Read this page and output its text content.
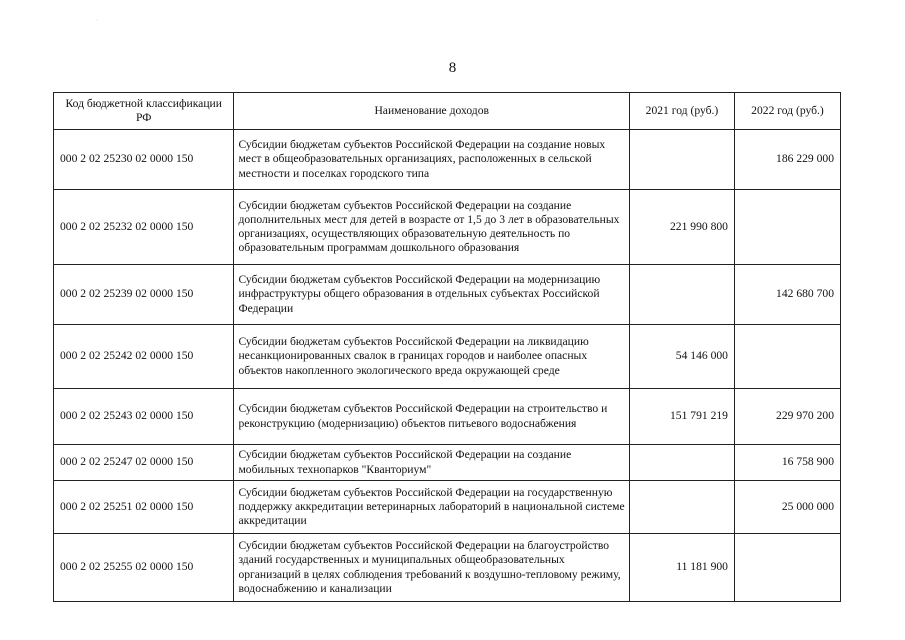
·
8
Код бюджетной классификации РФ	Наименование доходов	2021 год (руб.)	2022 год (руб.)
000 2 02 25230 02 0000 150	Субсидии бюджетам субъектов Российской Федерации на создание новых мест в общеобразовательных организациях, расположенных в сельской местности и поселках городского типа		186 229 000
000 2 02 25232 02 0000 150	Субсидии бюджетам субъектов Российской Федерации на создание дополнительных мест для детей в возрасте от 1,5 до 3 лет в образовательных организациях, осуществляющих образовательную деятельность по образовательным программам дошкольного образования	221 990 800	
000 2 02 25239 02 0000 150	Субсидии бюджетам субъектов Российской Федерации на модернизацию инфраструктуры общего образования в отдельных субъектах Российской Федерации		142 680 700
000 2 02 25242 02 0000 150	Субсидии бюджетам субъектов Российской Федерации на ликвидацию несанкционированных свалок в границах городов и наиболее опасных объектов накопленного экологического вреда окружающей среде	54 146 000	
000 2 02 25243 02 0000 150	Субсидии бюджетам субъектов Российской Федерации на строительство и реконструкцию (модернизацию) объектов питьевого водоснабжения	151 791 219	229 970 200
000 2 02 25247 02 0000 150	Субсидии бюджетам субъектов Российской Федерации на создание мобильных технопарков "Кванториум"		16 758 900
000 2 02 25251 02 0000 150	Субсидии бюджетам субъектов Российской Федерации на государственную поддержку аккредитации ветеринарных лабораторий в национальной системе аккредитации		25 000 000
000 2 02 25255 02 0000 150	Субсидии бюджетам субъектов Российской Федерации на благоустройство зданий государственных и муниципальных общеобразовательных организаций в целях соблюдения требований к воздушно-тепловому режиму, водоснабжению и канализации	11 181 900	
